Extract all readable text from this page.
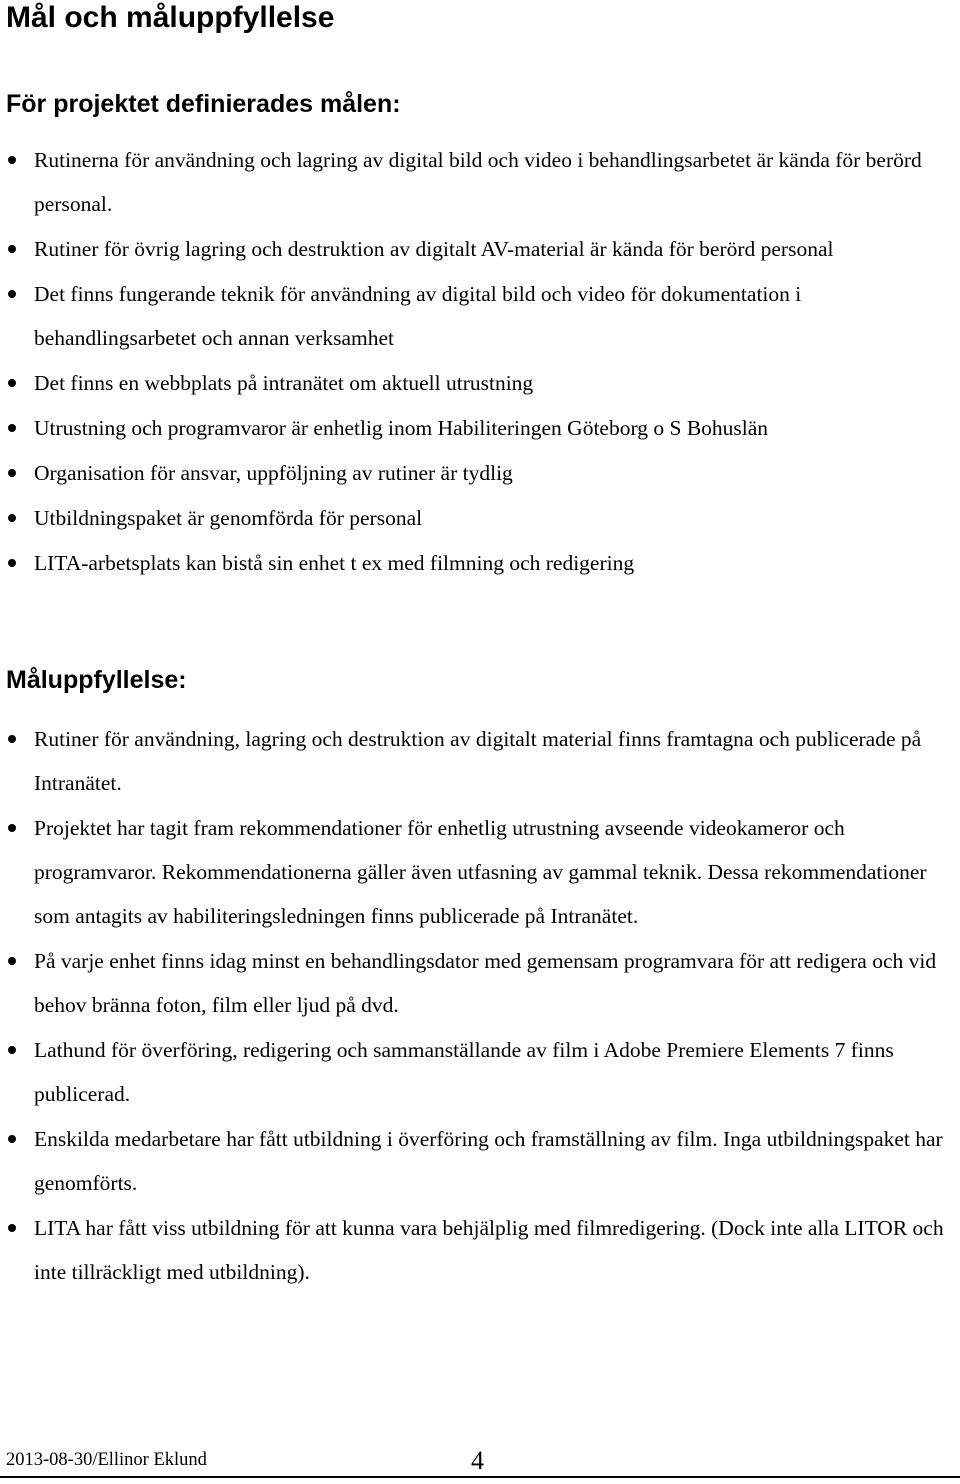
Mål och måluppfyllelse
För projektet definierades målen:
Rutinerna för användning och lagring av digital bild och video i behandlingsarbetet är kända för berörd personal.
Rutiner för övrig lagring och destruktion av digitalt AV-material är kända för berörd personal
Det finns fungerande teknik för användning av digital bild och video för dokumentation i behandlingsarbetet och annan verksamhet
Det finns en webbplats på intranätet om aktuell utrustning
Utrustning och programvaror är enhetlig inom Habiliteringen Göteborg o S Bohuslän
Organisation för ansvar, uppföljning av rutiner är tydlig
Utbildningspaket är genomförda för personal
LITA-arbetsplats kan bistå sin enhet t ex med filmning och redigering
Måluppfyllelse:
Rutiner för användning, lagring och destruktion av digitalt material finns framtagna och publicerade på Intranätet.
Projektet har tagit fram rekommendationer för enhetlig utrustning avseende videokameror och programvaror. Rekommendationerna gäller även utfasning av gammal teknik. Dessa rekommendationer som antagits av habiliteringsledningen finns publicerade på Intranätet.
På varje enhet finns idag minst en behandlingsdator med gemensam programvara för att redigera och vid behov bränna foton, film eller ljud på dvd.
Lathund för överföring, redigering och sammanställande av film i Adobe Premiere Elements 7 finns publicerad.
Enskilda medarbetare har fått utbildning i överföring och framställning av film. Inga utbildningspaket har genomförts.
LITA har fått viss utbildning för att kunna vara behjälplig med filmredigering. (Dock inte alla LITOR och inte tillräckligt med utbildning).
2013-08-30/Ellinor Eklund	4
